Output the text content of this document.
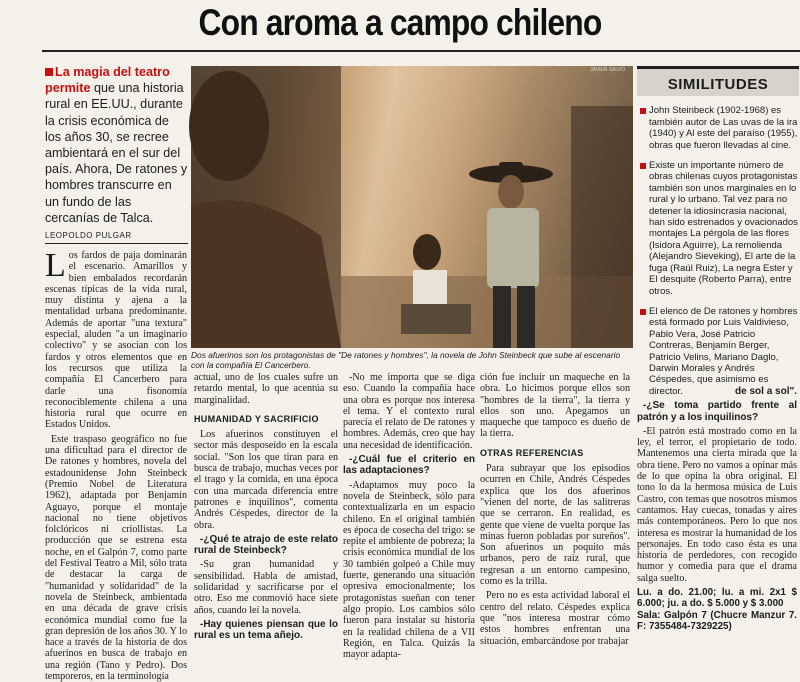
Con aroma a campo chileno
La magia del teatro permite que una historia rural en EE.UU., durante la crisis económica de los años 30, se recree ambientará en el sur del país. Ahora, De ratones y hombres transcurre en un fundo de las cercanías de Talca.
LEOPOLDO PULGAR
JAVIER SALVO
Dos afuerinos son los protagonistas de "De ratones y hombres", la novela de John Steinbeck que sube al escenario con la compañía El Cancerbero.
SIMILITUDES
John Steinbeck (1902-1968) es también autor de Las uvas de la ira (1940) y Al este del paraíso (1955), obras que fueron llevadas al cine.
Existe un importante número de obras chilenas cuyos protagonistas también son unos marginales en lo rural y lo urbano. Tal vez para no detener la idiosincrasia nacional, han sido estrenados y ovacionados montajes La pérgola de las flores (Isidora Aguirre), La remolienda (Alejandro Sieveking), El arte de la fuga (Raúl Ruiz), La negra Ester y El desquite (Roberto Parra), entre otros.
El elenco de De ratones y hombres está formado por Luis Valdivieso, Pablo Vera, José Patricio Contreras, Benjamín Berger, Patricio Velins, Mariano Daglo, Darwin Morales y Andrés Céspedes, que asimismo es director.
L os fardos de paja dominarán el escenario. Amarillos y bien embalados recordarán escenas típicas de la vida rural, muy distinta y ajena a la mentalidad urbana predominante. Además de aportar "una textura" especial, aluden "a un imaginario colectivo" y se asocian con los fardos y otros elementos que en los recursos que utiliza la compañía El Cancerbero para darle una fisonomía reconociblemente chilena a una historia rural que ocurre en Estados Unidos.

Este traspaso geográfico no fue una dificultad para el director de De ratones y hombres, novela del estadounidense John Steinbeck (Premio Nobel de Literatura 1962), adaptada por Benjamín Aguayo, porque el montaje nacional no tiene objetivos folclóricos ni criollistas. La producción que se estrena esta noche, en el Galpón 7, como parte del Festival Teatro a Mil, sólo trata de destacar la carga de "humanidad y solidaridad" de la novela de Steinbeck, ambientada en una década de grave crisis económica mundial como fue la gran depresión de los años 30. Y lo hace a través de la historia de dos afuerinos en busca de trabajo en una región (Tano y Pedro). Dos temporeros, en la terminología

actual, uno de los cuales sufre un retardo mental, lo que acentúa su marginalidad.

HUMANIDAD Y SACRIFICIO

Los afuerinos constituyen el sector más desposeído en la escala social. "Son los que tiran para en busca de trabajo, muchas veces por el trago y la comida, en una época con una marcada diferencia entre patrones e inquilinos", comenta Andrés Céspedes, director de la obra.

-¿Qué te atrajo de este relato rural de Steinbeck?

-Su gran humanidad y sensibilidad. Habla de amistad, solidaridad y sacrificarse por el otro. Eso me conmovió hace siete años, cuando leí la novela.

-Hay quienes piensan que lo rural es un tema añejo.

-No me importa que se diga eso. Cuando la compañía hace una obra es porque nos interesa el tema. Y el contexto rural parecía el relato de De ratones y hombres. Además, creo que hay una necesidad de identificación.

-¿Cuál fue el criterio en las adaptaciones?

-Adaptamos muy poco la novela de Steinbeck, sólo para contextualizarla en un espacio chileno. En el original también es época de cosecha del trigo: se repite el ambiente de pobreza; la crisis económica mundial de los 30 también golpeó a Chile muy fuerte, generando una situación opresiva emocionalmente; los protagonistas sueñan con tener algo propio. Los cambios sólo fueron para instalar su historia en la realidad chilena de a VII Región, en Talca. Quizás la mayor adapta-

ción fue incluir un maqueche en la obra. Lo hicimos porque ellos son "hombres de la tierra", la tierra y ellos son uno. Apegamos un maqueche que tampoco es dueño de la tierra.

OTRAS REFERENCIAS

Para subrayar que los episodios ocurren en Chile, Andrés Céspedes explica que los dos afuerinos "vienen del norte, de las salitreras que se cerraron. En realidad, es gente que viene de vuelta porque las minas fueron pobladas por sureños". Son afuerinos un poquito más urbanos, pero de raíz rural, que regresan a un entorno campesino, como es la trilla.

Pero no es esta actividad laboral el centro del relato. Céspedes explica que "nos interesa mostrar cómo estos hombres enfrentan una situación, embarcándose por trabajar

de sol a sol".

-¿Se toma partido frente al patrón y a los inquilinos?

-El patrón está mostrado como en la ley, el terror, el propietario de todo. Mantenemos una cierta mirada que la obra tiene. Pero no vamos a opinar más de lo que opina la obra original. El tono lo da la hermosa música de Luis Castro, con temas que nosotros mismos cantamos. Hay cuecas, tonadas y aires más contemporáneos. Pero lo que nos interesa es mostrar la humanidad de los personajes. En todo caso ésta es una historia de perdedores, con recogido humor y comedia para que el drama salga suelto.

Lu. a do. 21.00; lu. a mi. 2x1 $ 6.000; ju. a do. $ 5.000 y $ 3.000
Sala: Galpón 7 (Chucre Manzur 7. F: 7355484-7329225)
